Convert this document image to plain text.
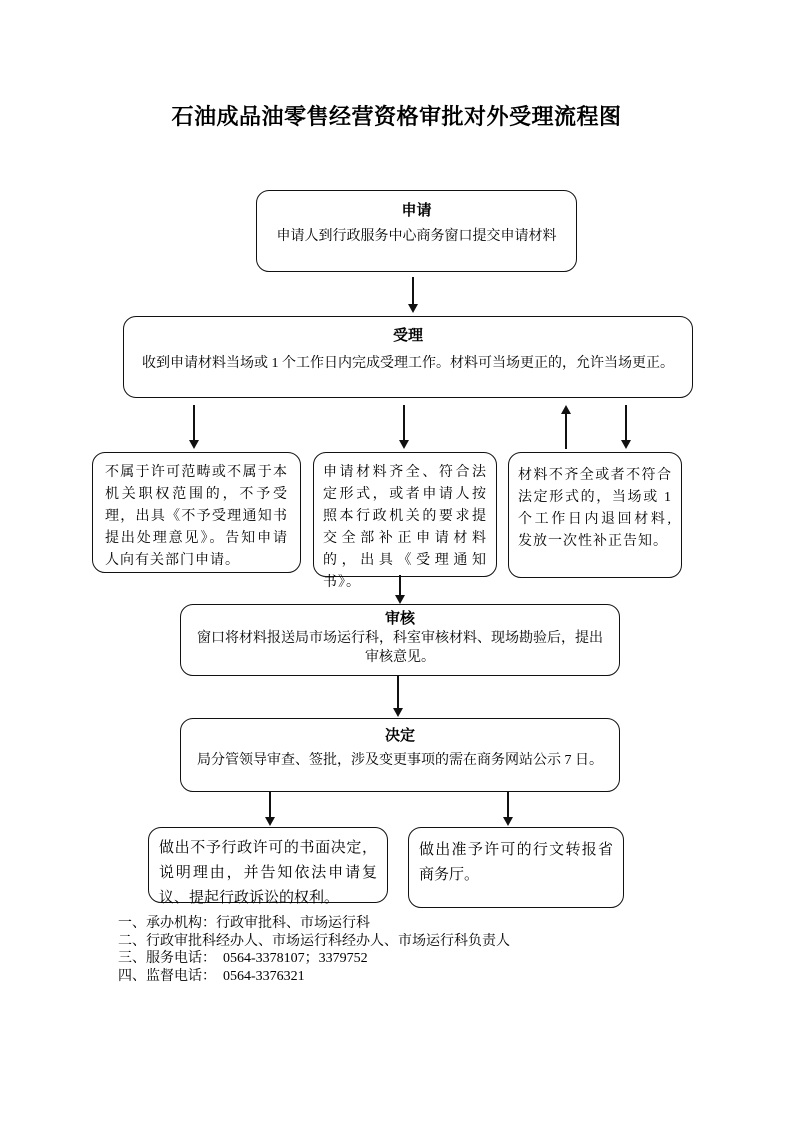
石油成品油零售经营资格审批对外受理流程图
申请
申请人到行政服务中心商务窗口提交申请材料
受理
收到申请材料当场或 1 个工作日内完成受理工作。材料可当场更正的，允许当场更正。
不属于许可范畴或不属于本机关职权范围的，不予受理，出具《不予受理通知书提出处理意见》。告知申请人向有关部门申请。
申请材料齐全、符合法定形式，或者申请人按照本行政机关的要求提交全部补正申请材料的，出具《受理通知书》。
材料不齐全或者不符合法定形式的，当场或 1 个工作日内退回材料,发放一次性补正告知。
审核
窗口将材料报送局市场运行科，科室审核材料、现场勘验后，提出审核意见。
决定
局分管领导审查、签批，涉及变更事项的需在商务网站公示 7 日。
做出不予行政许可的书面决定，说明理由，并告知依法申请复议、提起行政诉讼的权利。
做出准予许可的行文转报省商务厅。
一、承办机构：行政审批科、市场运行科
二、行政审批科经办人、市场运行科经办人、市场运行科负责人
三、服务电话：  0564-3378107；3379752
四、监督电话：  0564-3376321
